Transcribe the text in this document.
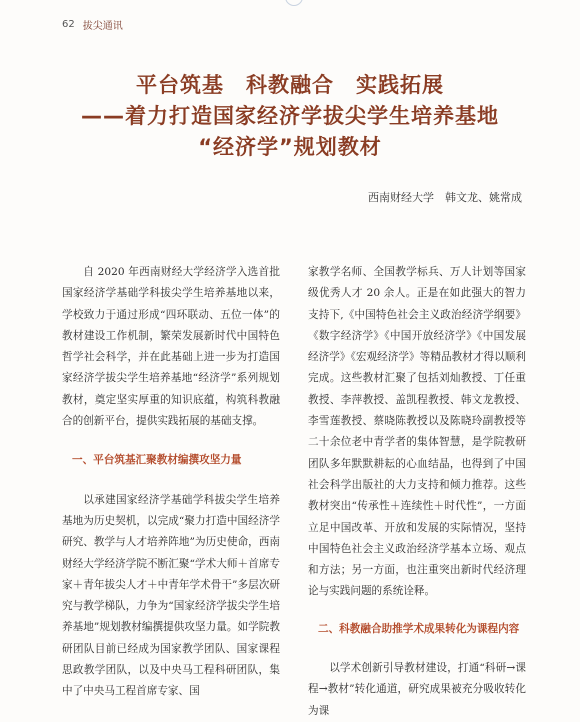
62 拔尖通讯
平台筑基　科教融合　实践拓展
——着力打造国家经济学拔尖学生培养基地
“经济学”规划教材
西南财经大学　韩文龙、姚常成

自 2020 年西南财经大学经济学入选首批国家经济学基础学科拔尖学生培养基地以来，学校致力于通过形成“四环联动、五位一体”的教材建设工作机制，繁荣发展新时代中国特色哲学社会科学，并在此基础上进一步为打造国家经济学拔尖学生培养基地“经济学”系列规划教材，奠定坚实厚重的知识底蕴，构筑科教融合的创新平台，提供实践拓展的基础支撑。

一、平台筑基汇聚教材编撰攻坚力量

以承建国家经济学基础学科拔尖学生培养基地为历史契机，以完成“聚力打造中国经济学研究、教学与人才培养阵地”为历史使命，西南财经大学经济学院不断汇聚“学术大师＋首席专家＋青年拔尖人才＋中青年学术骨干”多层次研究与教学梯队，力争为“国家经济学拔尖学生培养基地”规划教材编撰提供攻坚力量。如学院教研团队目前已经成为国家教学团队、国家课程思政教学团队，以及中央马工程科研团队，集中了中央马工程首席专家、国

家教学名师、全国教学标兵、万人计划等国家级优秀人才 20 余人。正是在如此强大的智力支持下,《中国特色社会主义政治经济学纲要》《数字经济学》《中国开放经济学》《中国发展经济学》《宏观经济学》等精品教材才得以顺利完成。这些教材汇聚了包括刘灿教授、丁任重教授、李萍教授、盖凯程教授、韩文龙教授、李雪莲教授、蔡晓陈教授以及陈晓玲副教授等二十余位老中青学者的集体智慧，是学院教研团队多年默默耕耘的心血结晶，也得到了中国社会科学出版社的大力支持和倾力推荐。这些教材突出“传承性＋连续性＋时代性”，一方面立足中国改革、开放和发展的实际情况，坚持中国特色社会主义政治经济学基本立场、观点和方法；另一方面，也注重突出新时代经济理论与实践问题的系统诠释。

二、科教融合助推学术成果转化为课程内容

以学术创新引导教材建设，打通“科研→课程→教材”转化通道，研究成果被充分吸收转化为课
